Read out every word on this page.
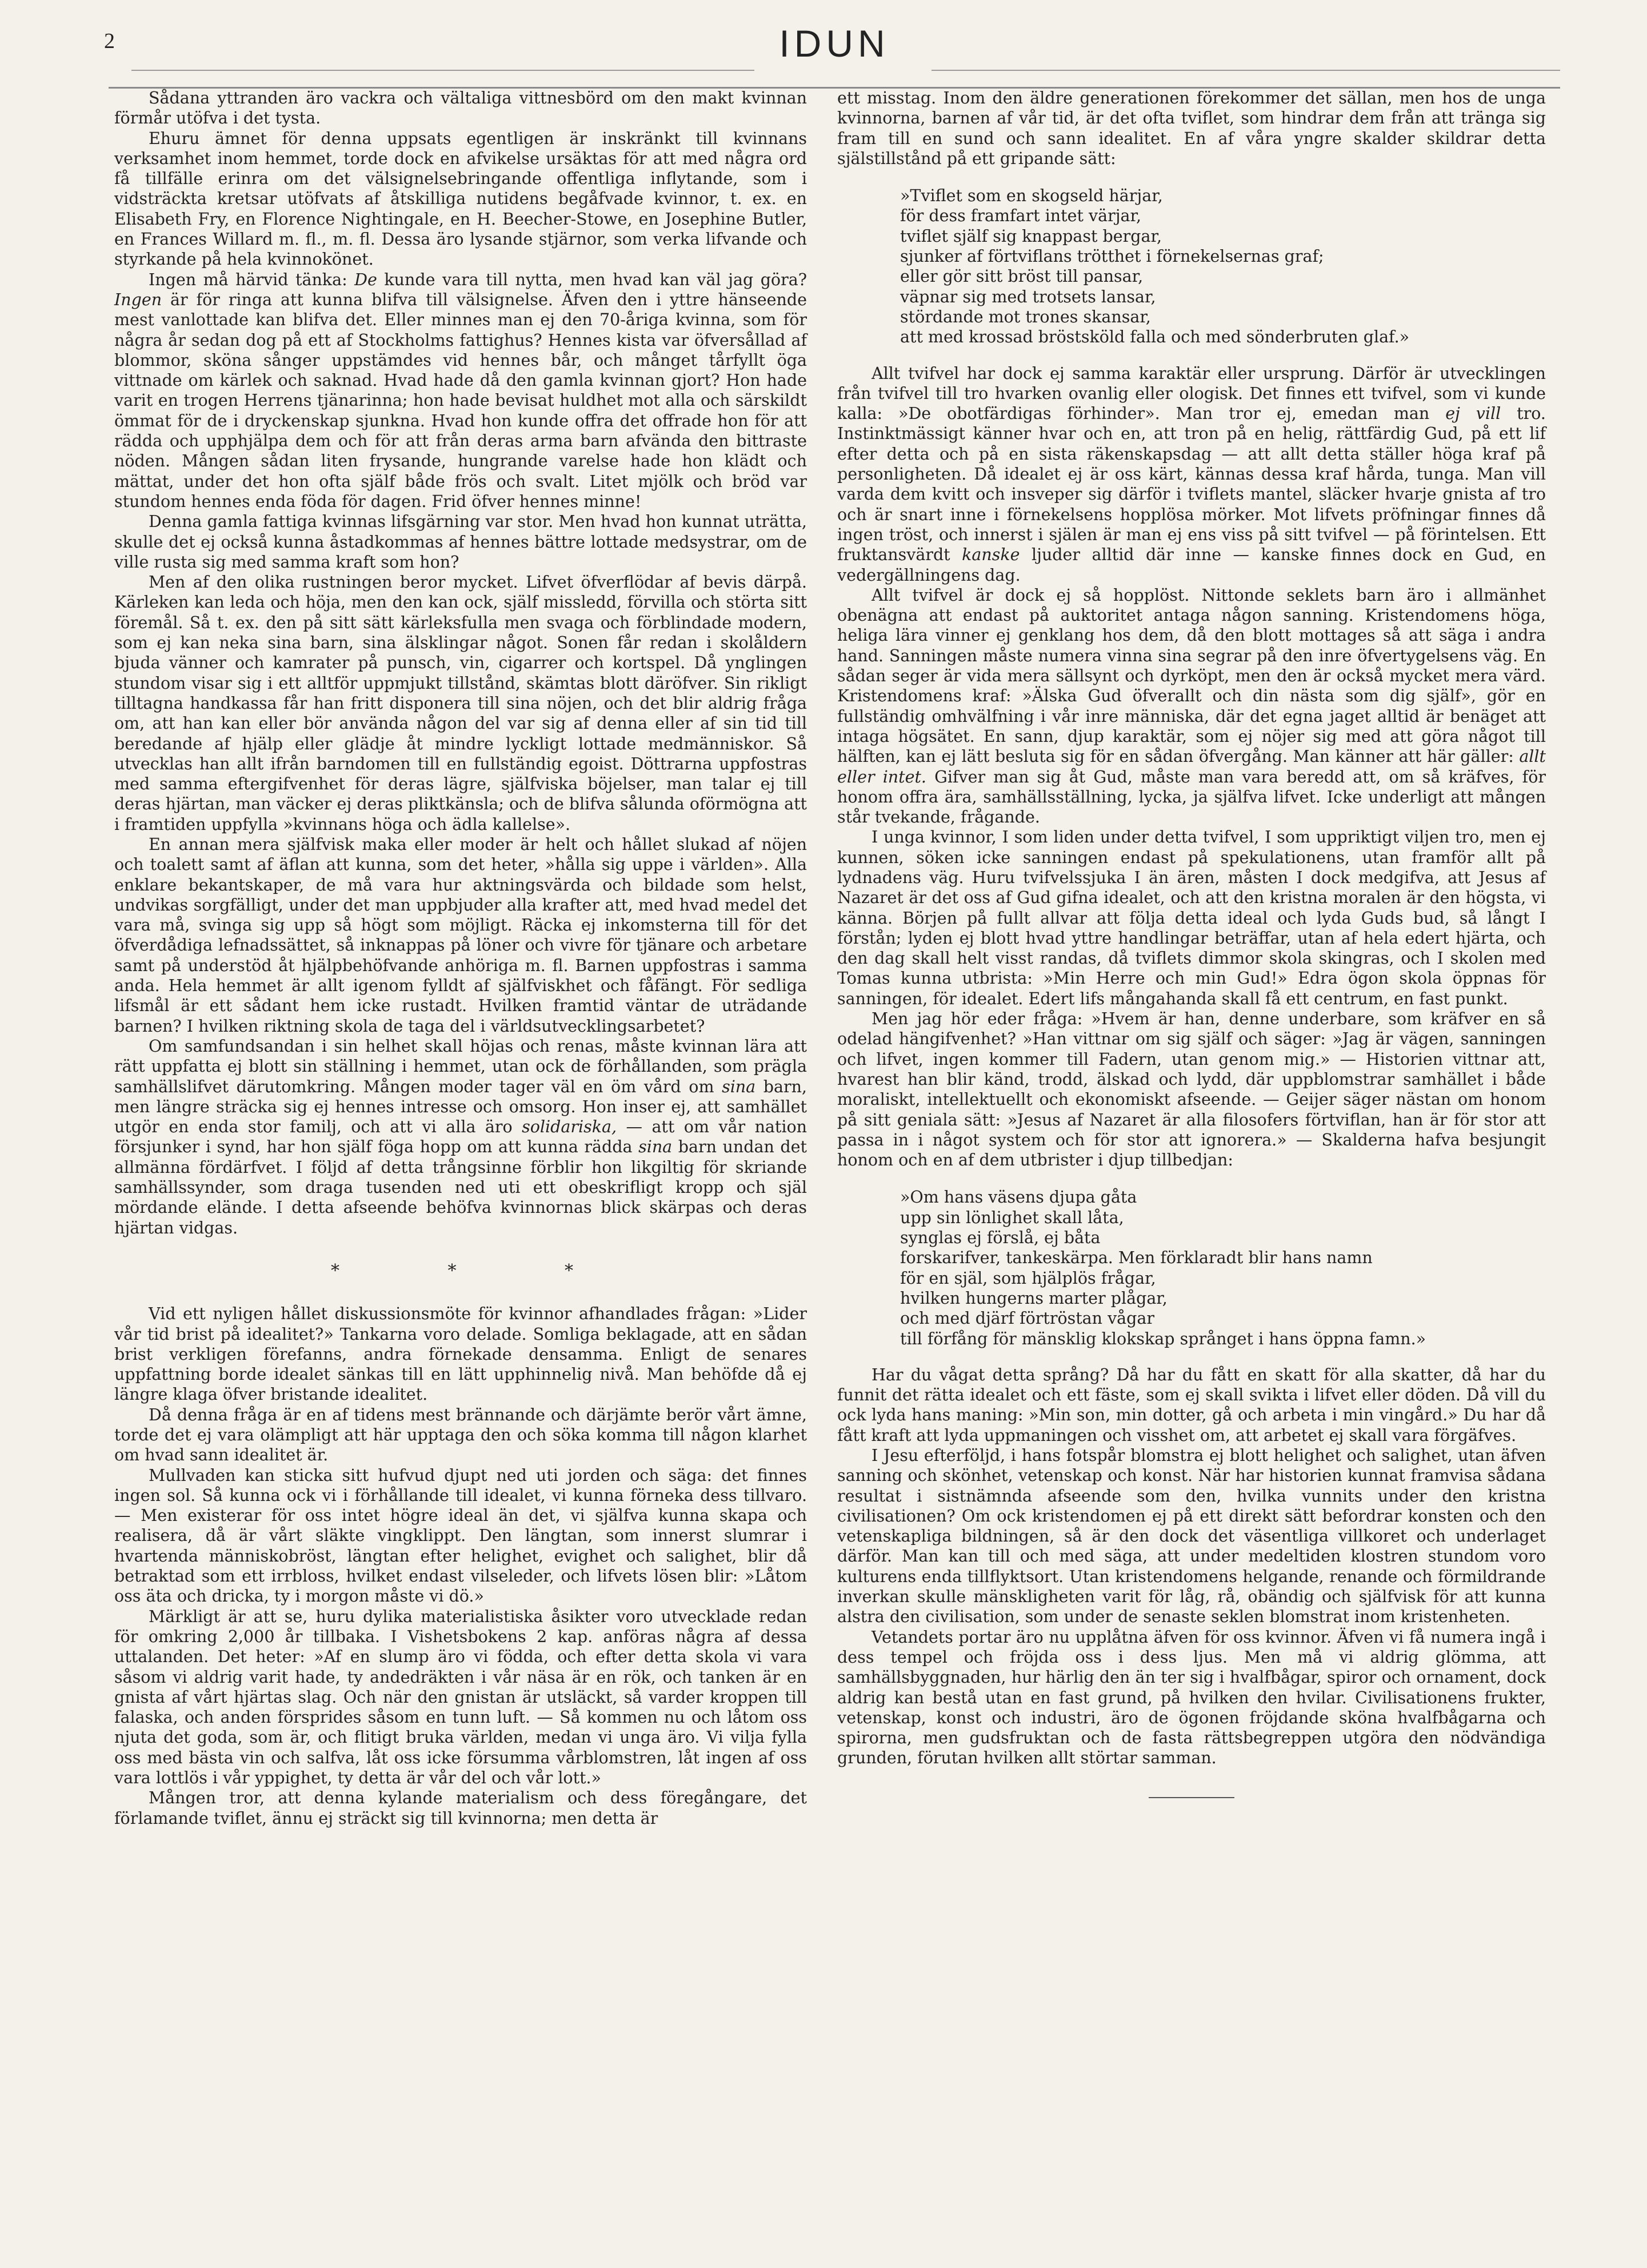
2	IDUN

Sådana yttranden äro vackra och vältaliga vittnesbörd om den makt kvinnan förmår utöfva i det tysta.

Ehuru ämnet för denna uppsats egentligen är inskränkt till kvinnans verksamhet inom hemmet, torde dock en afvikelse ursäktas för att med några ord få tillfälle erinra om det välsignelsebringande offentliga inflytande, som i vidsträckta kretsar utöfvats af åtskilliga nutidens begåfvade kvinnor, t. ex. en Elisabeth Fry, en Florence Nightingale, en H. Beecher-Stowe, en Josephine Butler, en Frances Willard m. fl., m. fl. Dessa äro lysande stjärnor, som verka lifvande och styrkande på hela kvinnokönet.

Ingen må härvid tänka: De kunde vara till nytta, men hvad kan väl jag göra? Ingen är för ringa att kunna blifva till välsignelse. Äfven den i yttre hänseende mest vanlottade kan blifva det. Eller minnes man ej den 70-åriga kvinna, som för några år sedan dog på ett af Stockholms fattighus? Hennes kista var öfversållad af blommor, sköna sånger uppstämdes vid hennes bår, och månget tårfyllt öga vittnade om kärlek och saknad. Hvad hade då den gamla kvinnan gjort? Hon hade varit en trogen Herrens tjänarinna; hon hade bevisat huldhet mot alla och särskildt ömmat för de i dryckenskap sjunkna. Hvad hon kunde offra det offrade hon för att rädda och upphjälpa dem och för att från deras arma barn afvända den bittraste nöden. Mången sådan liten frysande, hungrande varelse hade hon klädt och mättat, under det hon ofta själf både frös och svalt. Litet mjölk och bröd var stundom hennes enda föda för dagen. Frid öfver hennes minne!

Denna gamla fattiga kvinnas lifsgärning var stor. Men hvad hon kunnat uträtta, skulle det ej också kunna åstadkommas af hennes bättre lottade medsystrar, om de ville rusta sig med samma kraft som hon?

Men af den olika rustningen beror mycket. Lifvet öfverflödar af bevis därpå. Kärleken kan leda och höja, men den kan ock, själf missledd, förvilla och störta sitt föremål. Så t. ex. den på sitt sätt kärleksfulla men svaga och förblindade modern, som ej kan neka sina barn, sina älsklingar något. Sonen får redan i skolåldern bjuda vänner och kamrater på punsch, vin, cigarrer och kortspel. Då ynglingen stundom visar sig i ett alltför uppmjukt tillstånd, skämtas blott däröfver. Sin rikligt tilltagna handkassa får han fritt disponera till sina nöjen, och det blir aldrig fråga om, att han kan eller bör använda någon del var sig af denna eller af sin tid till beredande af hjälp eller glädje åt mindre lyckligt lottade medmänniskor. Så utvecklas han allt ifrån barndomen till en fullständig egoist. Döttrarna uppfostras med samma eftergifvenhet för deras lägre, själfviska böjelser, man talar ej till deras hjärtan, man väcker ej deras pliktkänsla; och de blifva sålunda oförmögna att i framtiden uppfylla »kvinnans höga och ädla kallelse».

En annan mera själfvisk maka eller moder är helt och hållet slukad af nöjen och toalett samt af äflan att kunna, som det heter, »hålla sig uppe i världen». Alla enklare bekantskaper, de må vara hur aktningsvärda och bildade som helst, undvikas sorgfälligt, under det man uppbjuder alla krafter att, med hvad medel det vara må, svinga sig upp så högt som möjligt. Räcka ej inkomsterna till för det öfverdådiga lefnadssättet, så inknappas på löner och vivre för tjänare och arbetare samt på understöd åt hjälpbehöfvande anhöriga m. fl. Barnen uppfostras i samma anda. Hela hemmet är allt igenom fylldt af själfviskhet och fåfängt. För sedliga lifsmål är ett sådant hem icke rustadt. Hvilken framtid väntar de uträdande barnen? I hvilken riktning skola de taga del i världsutvecklingsarbetet?

Om samfundsandan i sin helhet skall höjas och renas, måste kvinnan lära att rätt uppfatta ej blott sin ställning i hemmet, utan ock de förhållanden, som präglа samhällslifvet därutomkring. Mången moder tager väl en öm vård om sina barn, men längre sträcka sig ej hennes intresse och omsorg. Hon inser ej, att samhället utgör en enda stor familj, och att vi alla äro solidariska, — att om vår nation försjunker i synd, har hon själf föga hopp om att kunna rädda sina barn undan det allmänna fördärfvet. I följd af detta trångsinne förblir hon likgiltig för skriande samhällssynder, som draga tusenden ned uti ett obeskrifligt kropp och själ mördande elände. I detta afseende behöfva kvinnornas blick skärpas och deras hjärtan vidgas.

* * *

Vid ett nyligen hållet diskussionsmöte för kvinnor afhandlades frågan: »Lider vår tid brist på idealitet?» Tankarna voro delade. Somliga beklagade, att en sådan brist verkligen förefanns, andra förnekade densamma. Enligt de senares uppfattning borde idealet sänkas till en lätt upphinnelig nivå. Man behöfde då ej längre klaga öfver bristande idealitet.

Då denna fråga är en af tidens mest brännande och därjämte berör vårt ämne, torde det ej vara olämpligt att här upptaga den och söka komma till någon klarhet om hvad sann idealitet är.

Mullvaden kan sticka sitt hufvud djupt ned uti jorden och säga: det finnes ingen sol. Så kunna ock vi i förhållande till idealet, vi kunna förneka dess tillvaro. — Men existerar för oss intet högre ideal än det, vi själfva kunna skapa och realisera, då är vårt släkte vingklippt. Den längtan, som innerst slumrar i hvartenda människobröst, längtan efter helighet, evighet och salighet, blir då betraktad som ett irrbloss, hvilket endast vilseleder, och lifvets lösen blir: »Låtom oss äta och dricka, ty i morgon måste vi dö.»

Märkligt är att se, huru dylika materialistiska åsikter voro utvecklade redan för omkring 2,000 år tillbaka. I Vishetsbokens 2 kap. anföras några af dessa uttalanden. Det heter: »Af en slump äro vi födda, och efter detta skola vi vara såsom vi aldrig varit hade, ty andedräkten i vår näsa är en rök, och tanken är en gnista af vårt hjärtas slag. Och när den gnistan är utsläckt, så varder kroppen till falaska, och anden försprides såsom en tunn luft. — Så kommen nu och låtom oss njuta det goda, som är, och flitigt bruka världen, medan vi unga äro. Vi vilja fylla oss med bästa vin och salfva, låt oss icke försumma vårblomstren, låt ingen af oss vara lottlös i vår yppighet, ty detta är vår del och vår lott.»

Mången tror, att denna kylande materialism och dess föregångare, det förlamande tviflet, ännu ej sträckt sig till kvinnorna; men detta är

ett misstag. Inom den äldre generationen förekommer det sällan, men hos de unga kvinnorna, barnen af vår tid, är det ofta tviflet, som hindrar dem från att tränga sig fram till en sund och sann idealitet. En af våra yngre skalder skildrar detta själstillstånd på ett gripande sätt:

»Tviflet som en skogseld härjar,
för dess framfart intet värjar,
tviflet själf sig knappast bergar,
sjunker af förtviflans trötthet i förnekelsernas graf;
eller gör sitt bröst till pansar,
väpnar sig med trotsets lansar,
stördande mot trones skansar,
att med krossad bröstsköld falla och med sönderbruten glaf.»

Allt tvifvel har dock ej samma karaktär eller ursprung. Därför är utvecklingen från tvifvel till tro hvarken ovanlig eller ologisk. Det finnes ett tvifvel, som vi kunde kalla: »De obotfärdigas förhinder». Man tror ej, emedan man ej vill tro. Instinktmässigt känner hvar och en, att tron på en helig, rättfärdig Gud, på ett lif efter detta och på en sista räkenskapsdag — att allt detta ställer höga kraf på personligheten. Då idealet ej är oss kärt, kännas dessa kraf hårda, tunga. Man vill varda dem kvitt och insveper sig därför i tviflets mantel, släcker hvarje gnista af tro och är snart inne i förnekelsens hopplösa mörker. Mot lifvets pröfningar finnes då ingen tröst, och innerst i själen är man ej ens viss på sitt tvifvel — på förintelsen. Ett fruktansvärdt kanske ljuder alltid där inne — kanske finnes dock en Gud, en vedergällningens dag.

Allt tvifvel är dock ej så hopplöst. Nittonde seklets barn äro i allmänhet obenägna att endast på auktoritet antaga någon sanning. Kristendomens höga, heliga lära vinner ej genklang hos dem, då den blott mottages så att säga i andra hand. Sanningen måste numera vinna sina segrar på den inre öfvertygelsens väg. En sådan seger är vida mera sällsynt och dyrköpt, men den är också mycket mera värd. Kristendomens kraf: »Älska Gud öfverallt och din nästa som dig själf», gör en fullständig omhvälfning i vår inre människa, där det egna jaget alltid är benäget att intaga högsätet. En sann, djup karaktär, som ej nöjer sig med att göra något till hälften, kan ej lätt besluta sig för en sådan öfvergång. Man känner att här gäller: allt eller intet. Gifver man sig åt Gud, måste man vara beredd att, om så kräfves, för honom offra ära, samhällsställning, lycka, ja själfva lifvet. Icke underligt att mången står tvekande, frågande.

I unga kvinnor, I som liden under detta tvifvel, I som uppriktigt viljen tro, men ej kunnen, söken icke sanningen endast på spekulationens, utan framför allt på lydnadens väg. Huru tvifvelssjuka I än ären, måsten I dock medgifva, att Jesus af Nazaret är det oss af Gud gifna idealet, och att den kristna moralen är den högsta, vi känna. Börjen på fullt allvar att följa detta ideal och lyda Guds bud, så långt I förstån; lyden ej blott hvad yttre handlingar beträffar, utan af hela edert hjärta, och den dag skall helt visst randas, då tviflets dimmor skola skingras, och I skolen med Tomas kunna utbrista: »Min Herre och min Gud!» Edra ögon skola öppnas för sanningen, för idealet. Edert lifs mångahanda skall få ett centrum, en fast punkt.

Men jag hör eder fråga: »Hvem är han, denne underbare, som kräfver en så odelad hängifvenhet? »Han vittnar om sig själf och säger: »Jag är vägen, sanningen och lifvet, ingen kommer till Fadern, utan genom mig.» — Historien vittnar att, hvarest han blir känd, trodd, älskad och lydd, där uppblomstrar samhället i både moraliskt, intellektuellt och ekonomiskt afseende. — Geijer säger nästan om honom på sitt geniala sätt: »Jesus af Nazaret är alla filosofers förtviflan, han är för stor att passa in i något system och för stor att ignorera.» — Skalderna hafva besjungit honom och en af dem utbrister i djup tillbedjan:

»Om hans väsens djupa gåta
upp sin lönlighet skall låta,
synglas ej förslå, ej båta
forskarifver, tankeskärpa. Men förklaradt blir hans namn
för en själ, som hjälplös frågar,
hvilken hungerns marter plågar,
och med djärf förtröstan vågar
till förfång för mänsklig klokskap språnget i hans öppna famn.»

Har du vågat detta språng? Då har du fått en skatt för alla skatter, då har du funnit det rätta idealet och ett fäste, som ej skall svikta i lifvet eller döden. Då vill du ock lyda hans maning: »Min son, min dotter, gå och arbeta i min vingård.» Du har då fått kraft att lyda uppmaningen och visshet om, att arbetet ej skall vara förgäfves.

I Jesu efterföljd, i hans fotspår blomstra ej blott helighet och salighet, utan äfven sanning och skönhet, vetenskap och konst. När har historien kunnat framvisa sådana resultat i sistnämnda afseende som den, hvilka vunnits under den kristna civilisationen? Om ock kristendomen ej på ett direkt sätt befordrar konsten och den vetenskapliga bildningen, så är den dock det väsentliga villkoret och underlaget därför. Man kan till och med säga, att under medeltiden klostren stundom voro kulturens enda tillflyktsort. Utan kristendomens helgande, renande och förmildrande inverkan skulle mänskligheten varit för låg, rå, obändig och själfvisk för att kunna alstra den civilisation, som under de senaste seklen blomstrat inom kristenheten.

Vetandets portar äro nu upplåtna äfven för oss kvinnor. Äfven vi få numera ingå i dess tempel och fröjda oss i dess ljus. Men må vi aldrig glömma, att samhällsbyggnaden, hur härlig den än ter sig i hvalfbågar, spiror och ornament, dock aldrig kan bestå utan en fast grund, på hvilken den hvilar. Civilisationens frukter, vetenskap, konst och industri, äro de ögonen fröjdande sköna hvalfbågarna och spirorna, men gudsfruktan och de fasta rättsbegreppen utgöra den nödvändiga grunden, förutan hvilken allt störtar samman.
